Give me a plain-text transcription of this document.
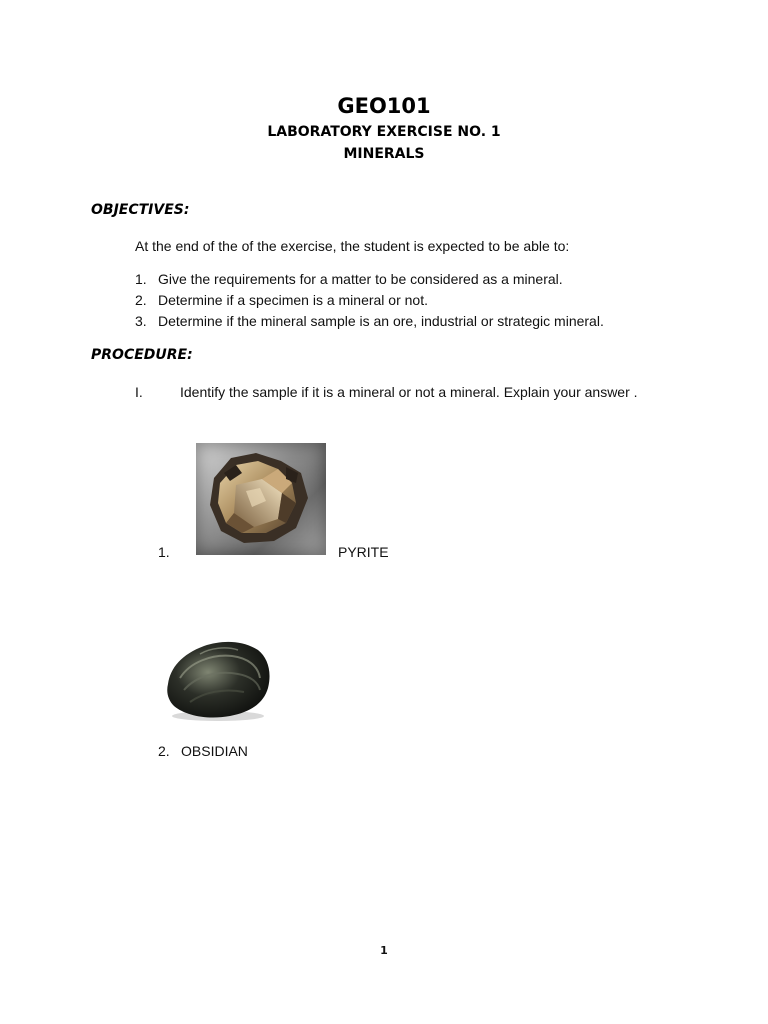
GEO101
LABORATORY EXERCISE NO. 1
MINERALS
OBJECTIVES:
At the end of the of the exercise, the student is expected to be able to:
1. Give the requirements for a matter to be considered as a mineral.
2. Determine if a specimen is a mineral or not.
3. Determine if the mineral sample is an ore, industrial or strategic mineral.
PROCEDURE:
I.	Identify the sample if it is a mineral or not a mineral. Explain your answer .
1.	PYRITE
2. OBSIDIAN
1
